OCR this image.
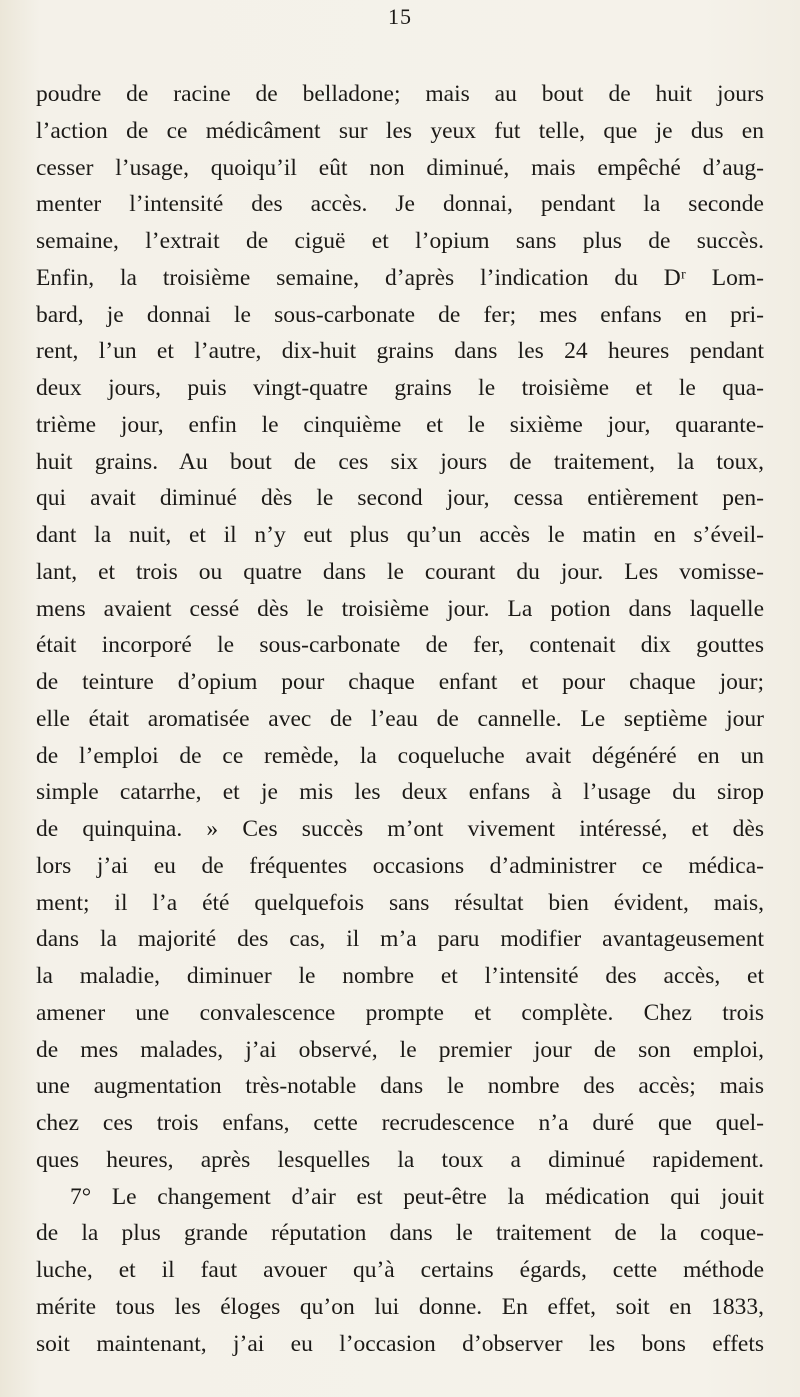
15
poudre de racine de belladone; mais au bout de huit jours
l’action de ce médicâment sur les yeux fut telle, que je dus en
cesser l’usage, quoiqu’il eût non diminué, mais empêché d’aug-
menter l’intensité des accès. Je donnai, pendant la seconde
semaine, l’extrait de ciguë et l’opium sans plus de succès.
Enfin, la troisième semaine, d’après l’indication du Dʳ Lom-
bard, je donnai le sous-carbonate de fer; mes enfans en pri-
rent, l’un et l’autre, dix-huit grains dans les 24 heures pendant
deux jours, puis vingt-quatre grains le troisième et le qua-
trième jour, enfin le cinquième et le sixième jour, quarante-
huit grains. Au bout de ces six jours de traitement, la toux,
qui avait diminué dès le second jour, cessa entièrement pen-
dant la nuit, et il n’y eut plus qu’un accès le matin en s’éveil-
lant, et trois ou quatre dans le courant du jour. Les vomisse-
mens avaient cessé dès le troisième jour. La potion dans laquelle
était incorporé le sous-carbonate de fer, contenait dix gouttes
de teinture d’opium pour chaque enfant et pour chaque jour;
elle était aromatisée avec de l’eau de cannelle. Le septième jour
de l’emploi de ce remède, la coqueluche avait dégénéré en un
simple catarrhe, et je mis les deux enfans à l’usage du sirop
de quinquina. » Ces succès m’ont vivement intéressé, et dès
lors j’ai eu de fréquentes occasions d’administrer ce médica-
ment; il l’a été quelquefois sans résultat bien évident, mais,
dans la majorité des cas, il m’a paru modifier avantageusement
la maladie, diminuer le nombre et l’intensité des accès, et
amener une convalescence prompte et complète. Chez trois
de mes malades, j’ai observé, le premier jour de son emploi,
une augmentation très-notable dans le nombre des accès; mais
chez ces trois enfans, cette recrudescence n’a duré que quel-
ques heures, après lesquelles la toux a diminué rapidement.
7° Le changement d’air est peut-être la médication qui jouit
de la plus grande réputation dans le traitement de la coque-
luche, et il faut avouer qu’à certains égards, cette méthode
mérite tous les éloges qu’on lui donne. En effet, soit en 1833,
soit maintenant, j’ai eu l’occasion d’observer les bons effets
